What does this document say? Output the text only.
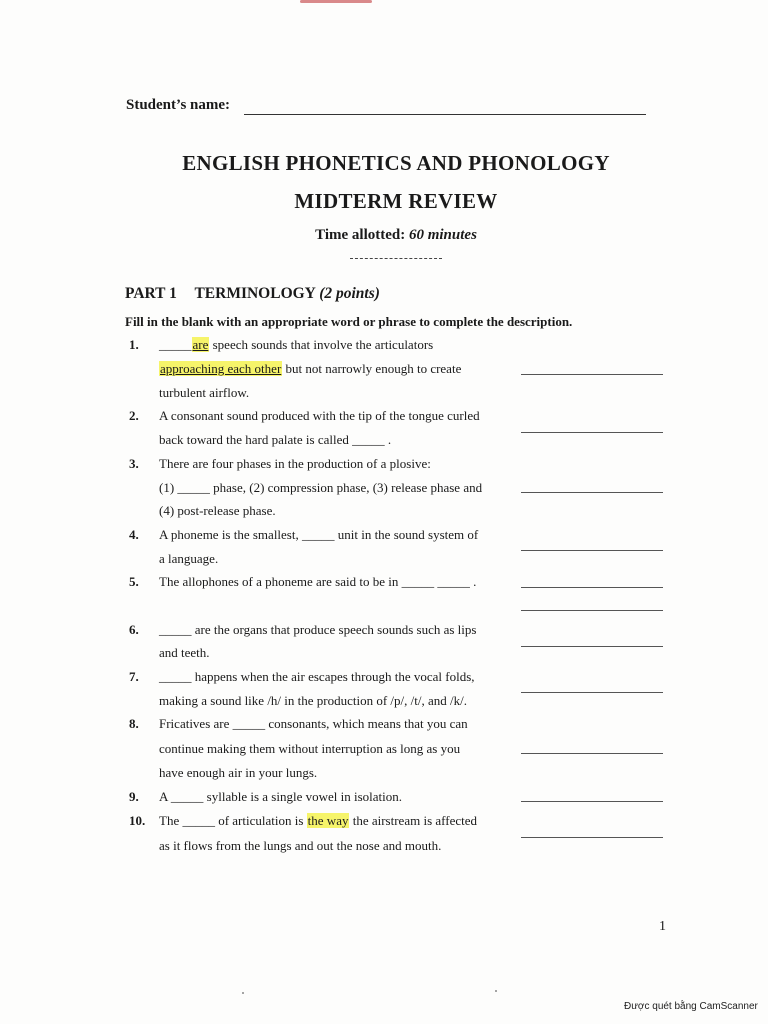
Student’s name:
ENGLISH PHONETICS AND PHONOLOGY
MIDTERM REVIEW
Time allotted: 60 minutes
PART 1 TERMINOLOGY (2 points)
Fill in the blank with an appropriate word or phrase to complete the description.
1. _____are speech sounds that involve the articulators
approaching each other but not narrowly enough to create
turbulent airflow.
2. A consonant sound produced with the tip of the tongue curled
back toward the hard palate is called _____ .
3. There are four phases in the production of a plosive:
(1) _____ phase, (2) compression phase, (3) release phase and
(4) post-release phase.
4. A phoneme is the smallest, _____ unit in the sound system of
a language.
5. The allophones of a phoneme are said to be in _____ _____ .
6. _____ are the organs that produce speech sounds such as lips
and teeth.
7. _____ happens when the air escapes through the vocal folds,
making a sound like /h/ in the production of /p/, /t/, and /k/.
8. Fricatives are _____ consonants, which means that you can
continue making them without interruption as long as you
have enough air in your lungs.
9. A _____ syllable is a single vowel in isolation.
10. The _____ of articulation is the way the airstream is affected
as it flows from the lungs and out the nose and mouth.
1
Được quét bằng CamScanner
